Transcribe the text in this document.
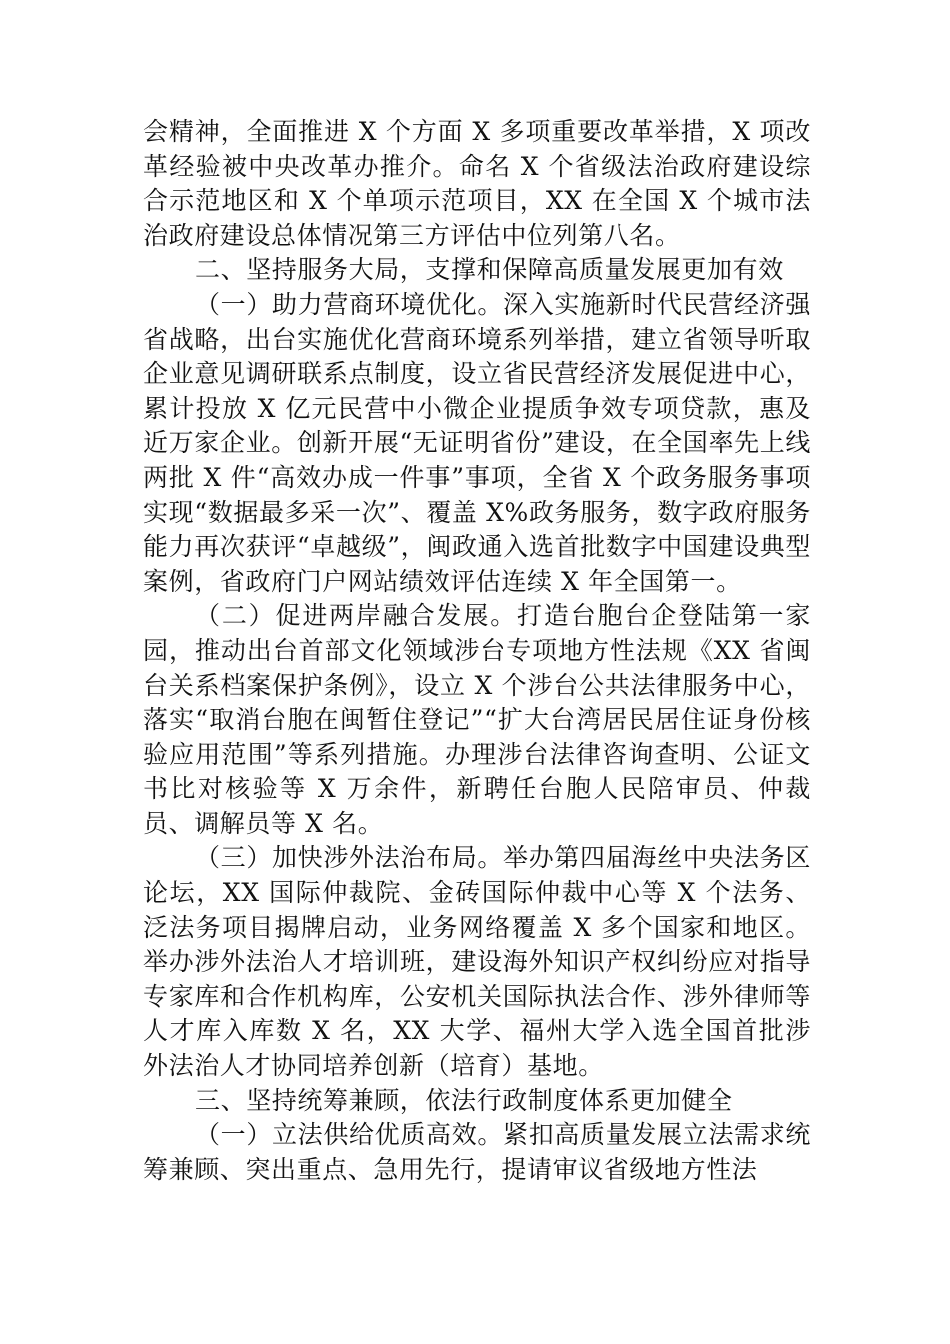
会精神，全面推进 X 个方面 X 多项重要改革举措，X 项改革经验被中央改革办推介。命名 X 个省级法治政府建设综合示范地区和 X 个单项示范项目，XX 在全国 X 个城市法治政府建设总体情况第三方评估中位列第八名。

二、坚持服务大局，支撑和保障高质量发展更加有效

（一）助力营商环境优化。深入实施新时代民营经济强省战略，出台实施优化营商环境系列举措，建立省领导听取企业意见调研联系点制度，设立省民营经济发展促进中心，累计投放 X 亿元民营中小微企业提质争效专项贷款，惠及近万家企业。创新开展“无证明省份”建设，在全国率先上线两批 X 件“高效办成一件事”事项，全省 X 个政务服务事项实现“数据最多采一次”、覆盖 X%政务服务，数字政府服务能力再次获评“卓越级”，闽政通入选首批数字中国建设典型案例，省政府门户网站绩效评估连续 X 年全国第一。

（二）促进两岸融合发展。打造台胞台企登陆第一家园，推动出台首部文化领域涉台专项地方性法规《XX 省闽台关系档案保护条例》，设立 X 个涉台公共法律服务中心，落实“取消台胞在闽暂住登记”“扩大台湾居民居住证身份核验应用范围”等系列措施。办理涉台法律咨询查明、公证文书比对核验等 X 万余件，新聘任台胞人民陪审员、仲裁员、调解员等 X 名。

（三）加快涉外法治布局。举办第四届海丝中央法务区论坛，XX 国际仲裁院、金砖国际仲裁中心等 X 个法务、泛法务项目揭牌启动，业务网络覆盖 X 多个国家和地区。举办涉外法治人才培训班，建设海外知识产权纠纷应对指导专家库和合作机构库，公安机关国际执法合作、涉外律师等人才库入库数 X 名，XX 大学、福州大学入选全国首批涉外法治人才协同培养创新（培育）基地。

三、坚持统筹兼顾，依法行政制度体系更加健全

（一）立法供给优质高效。紧扣高质量发展立法需求统筹兼顾、突出重点、急用先行，提请审议省级地方性法
